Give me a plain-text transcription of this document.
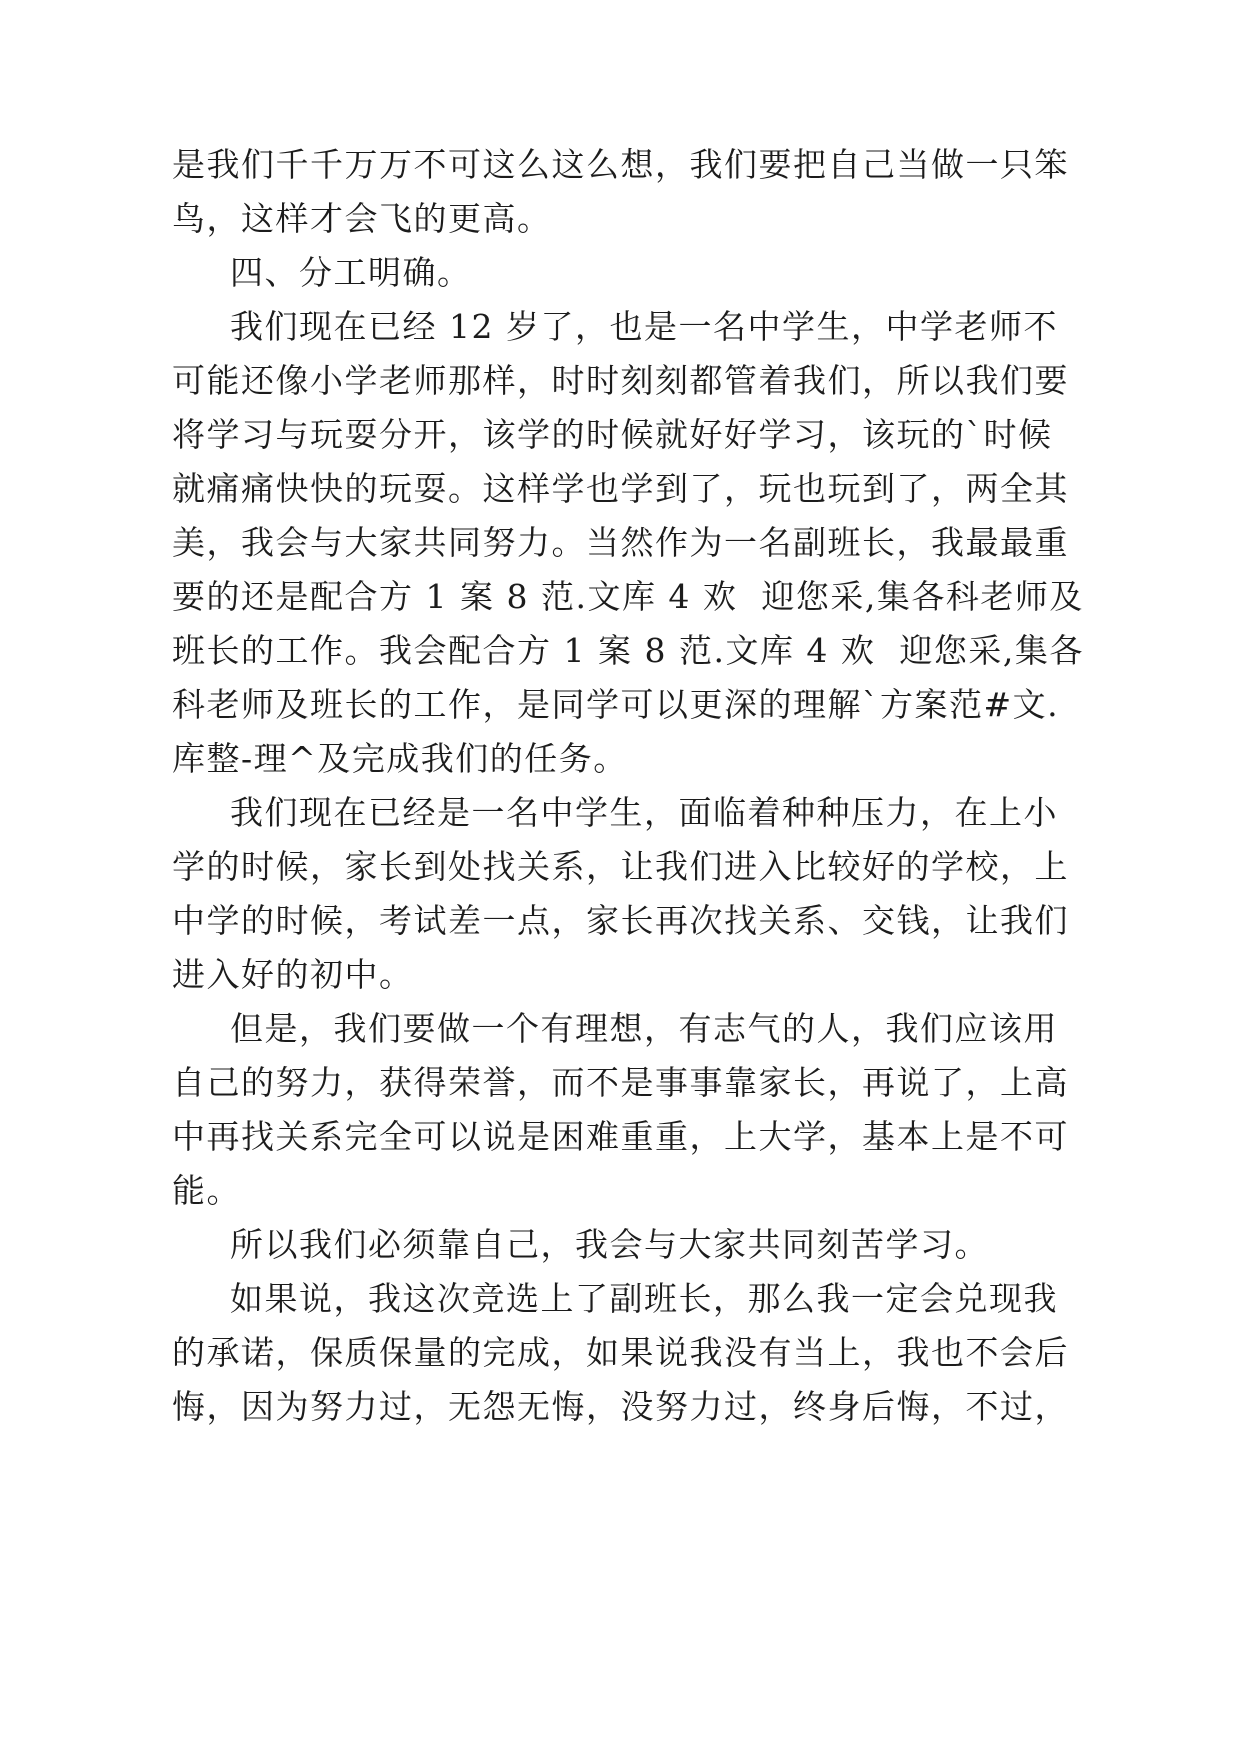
是我们千千万万不可这么这么想，我们要把自己当做一只笨
鸟，这样才会飞的更高。
四、分工明确。
我们现在已经 12 岁了，也是一名中学生，中学老师不
可能还像小学老师那样，时时刻刻都管着我们，所以我们要
将学习与玩耍分开，该学的时候就好好学习，该玩的`时候
就痛痛快快的玩耍。这样学也学到了，玩也玩到了，两全其
美，我会与大家共同努力。当然作为一名副班长，我最最重
要的还是配合方 1 案 8 范.文库 4 欢  迎您采,集各科老师及
班长的工作。我会配合方 1 案 8 范.文库 4 欢  迎您采,集各
科老师及班长的工作，是同学可以更深的理解`方案范#文.
库整-理^及完成我们的任务。
我们现在已经是一名中学生，面临着种种压力，在上小
学的时候，家长到处找关系，让我们进入比较好的学校，上
中学的时候，考试差一点，家长再次找关系、交钱，让我们
进入好的初中。
但是，我们要做一个有理想，有志气的人，我们应该用
自己的努力，获得荣誉，而不是事事靠家长，再说了，上高
中再找关系完全可以说是困难重重，上大学，基本上是不可
能。
所以我们必须靠自己，我会与大家共同刻苦学习。
如果说，我这次竞选上了副班长，那么我一定会兑现我
的承诺，保质保量的完成，如果说我没有当上，我也不会后
悔，因为努力过，无怨无悔，没努力过，终身后悔，不过，
